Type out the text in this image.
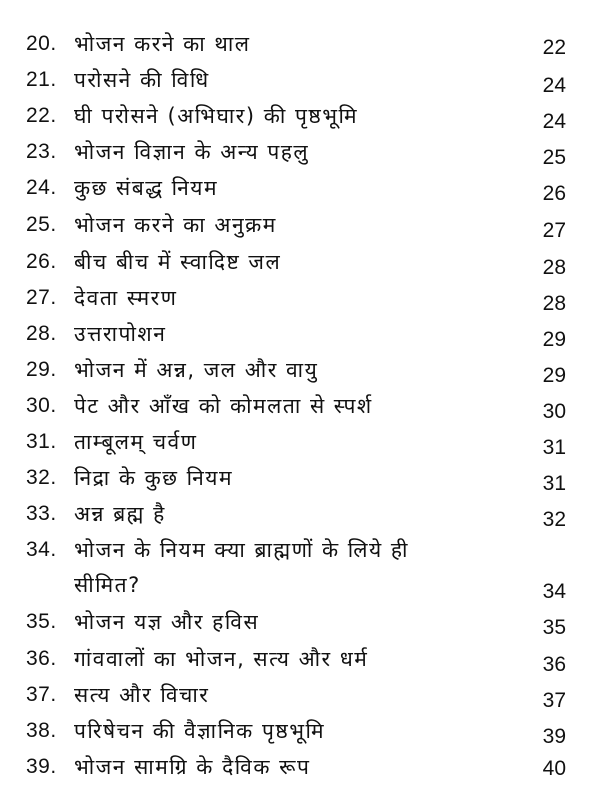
20. भोजन करने का थाल	22
21. परोसने की विधि	24
22. घी परोसने (अभिघार) की पृष्ठभूमि	24
23. भोजन विज्ञान के अन्य पहलु	25
24. कुछ संबद्ध नियम	26
25. भोजन करने का अनुक्रम	27
26. बीच बीच में स्वादिष्ट जल	28
27. देवता स्मरण	28
28. उत्तरापोशन	29
29. भोजन में अन्न, जल और वायु	29
30. पेट और आँख को कोमलता से स्पर्श	30
31. ताम्बूलम् चर्वण	31
32. निद्रा के कुछ नियम	31
33. अन्न ब्रह्म है	32
34. भोजन के नियम क्या ब्राह्मणों के लिये ही
सीमित?	34
35. भोजन यज्ञ और हविस	35
36. गांववालों का भोजन, सत्य और धर्म	36
37. सत्य और विचार	37
38. परिषेचन की वैज्ञानिक पृष्ठभूमि	39
39. भोजन सामग्रि के दैविक रूप	40
